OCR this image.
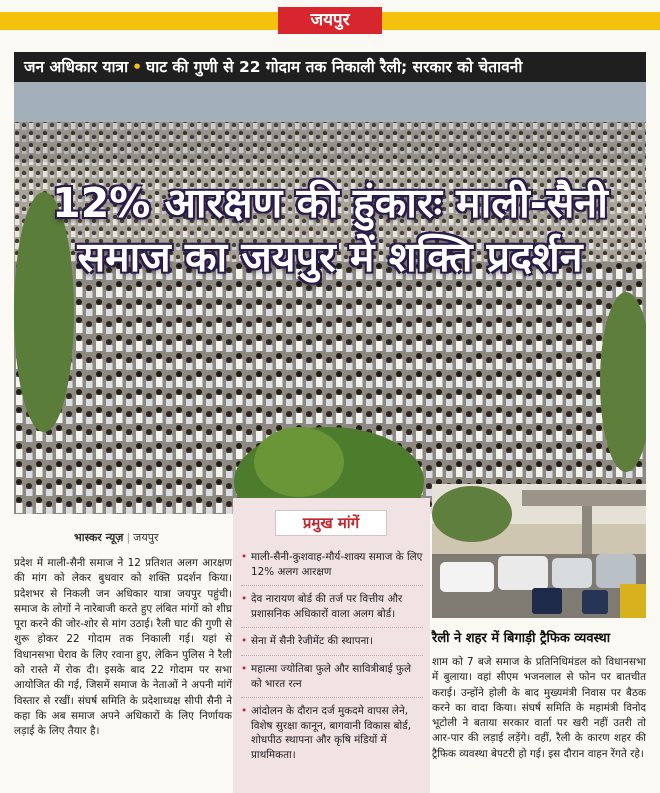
जयपुर
जन अधिकार यात्रा • घाट की गुणी से 22 गोदाम तक निकाली रैली; सरकार को चेतावनी
12% आरक्षण की हुंकारः माली-सैनी
समाज का जयपुर में शक्ति प्रदर्शन
भास्कर न्यूज़ | जयपुर
प्रदेश में माली-सैनी समाज ने 12 प्रतिशत अलग आरक्षण की मांग को लेकर बुधवार को शक्ति प्रदर्शन किया। प्रदेशभर से निकली जन अधिकार यात्रा जयपुर पहुंची। समाज के लोगों ने नारेबाजी करते हुए लंबित मांगों को शीघ्र पूरा करने की जोर-शोर से मांग उठाई। रैली घाट की गुणी से शुरू होकर 22 गोदाम तक निकाली गई। यहां से विधानसभा घेराव के लिए रवाना हुए, लेकिन पुलिस ने रैली को रास्ते में रोक दी। इसके बाद 22 गोदाम पर सभा आयोजित की गई, जिसमें समाज के नेताओं ने अपनी मांगें विस्तार से रखीं। संघर्ष समिति के प्रदेशाध्यक्ष सीपी सैनी ने कहा कि अब समाज अपने अधिकारों के लिए निर्णायक लड़ाई के लिए तैयार है।
प्रमुख मांगें
• माली-सैनी-कुशवाह-मौर्य-शाक्य समाज के लिए 12% अलग आरक्षण
• देव नारायण बोर्ड की तर्ज पर वित्तीय और प्रशासनिक अधिकारों वाला अलग बोर्ड।
• सेना में सैनी रेजीमेंट की स्थापना।
• महात्मा ज्योतिबा फुले और सावित्रीबाई फुले को भारत रत्न
• आंदोलन के दौरान दर्ज मुकदमे वापस लेने, विशेष सुरक्षा कानून, बागवानी विकास बोर्ड, शोधपीठ स्थापना और कृषि मंडियों में प्राथमिकता।
रैली ने शहर में बिगाड़ी ट्रैफिक व्यवस्था
शाम को 7 बजे समाज के प्रतिनिधिमंडल को विधानसभा में बुलाया। वहां सीएम भजनलाल से फोन पर बातचीत कराई। उन्होंने होली के बाद मुख्यमंत्री निवास पर बैठक करने का वादा किया। संघर्ष समिति के महामंत्री विनोद भूटोली ने बताया सरकार वार्ता पर खरी नहीं उतरी तो आर-पार की लड़ाई लड़ेंगे। वहीं, रैली के कारण शहर की ट्रैफिक व्यवस्था बेपटरी हो गई। इस दौरान वाहन रेंगते रहे।
